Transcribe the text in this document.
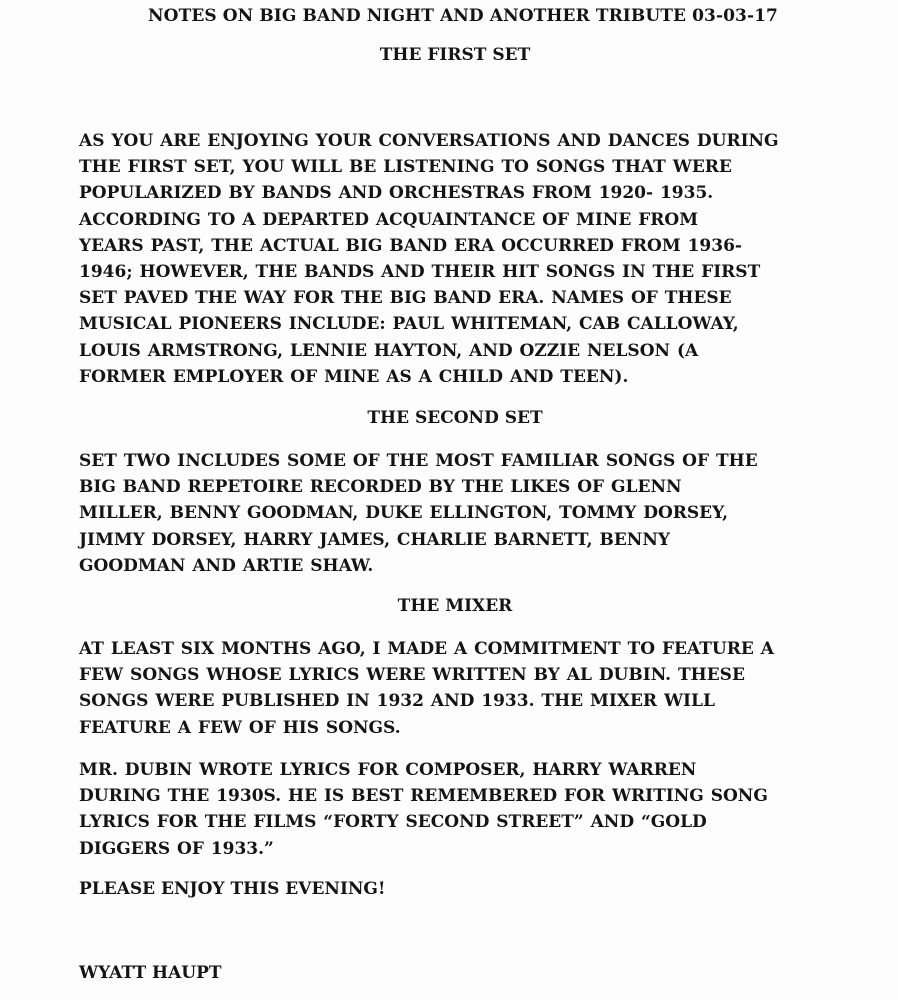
NOTES ON BIG BAND NIGHT AND ANOTHER TRIBUTE 03-03-17
THE FIRST SET
AS YOU ARE ENJOYING YOUR CONVERSATIONS AND DANCES DURING
THE FIRST SET, YOU WILL BE LISTENING TO SONGS THAT WERE
POPULARIZED BY BANDS AND ORCHESTRAS FROM 1920- 1935.
ACCORDING TO A DEPARTED ACQUAINTANCE OF MINE FROM
YEARS PAST, THE ACTUAL BIG BAND ERA OCCURRED FROM 1936-
1946; HOWEVER, THE BANDS AND THEIR HIT SONGS IN THE FIRST
SET PAVED THE WAY FOR THE BIG BAND ERA. NAMES OF THESE
MUSICAL PIONEERS INCLUDE: PAUL WHITEMAN, CAB CALLOWAY,
LOUIS ARMSTRONG, LENNIE HAYTON, AND OZZIE NELSON (A
FORMER EMPLOYER OF MINE AS A CHILD AND TEEN).
THE SECOND SET
SET TWO INCLUDES SOME OF THE MOST FAMILIAR SONGS OF THE
BIG BAND REPETOIRE RECORDED BY THE LIKES OF GLENN
MILLER, BENNY GOODMAN, DUKE ELLINGTON, TOMMY DORSEY,
JIMMY DORSEY, HARRY JAMES, CHARLIE BARNETT, BENNY
GOODMAN AND ARTIE SHAW.
THE MIXER
AT LEAST SIX MONTHS AGO, I MADE A COMMITMENT TO FEATURE A
FEW SONGS WHOSE LYRICS WERE WRITTEN BY AL DUBIN. THESE
SONGS WERE PUBLISHED IN 1932 AND 1933. THE MIXER WILL
FEATURE A FEW OF HIS SONGS.
MR. DUBIN WROTE LYRICS FOR COMPOSER, HARRY WARREN
DURING THE 1930S. HE IS BEST REMEMBERED FOR WRITING SONG
LYRICS FOR THE FILMS “FORTY SECOND STREET” AND “GOLD
DIGGERS OF 1933.”
PLEASE ENJOY THIS EVENING!
WYATT HAUPT
